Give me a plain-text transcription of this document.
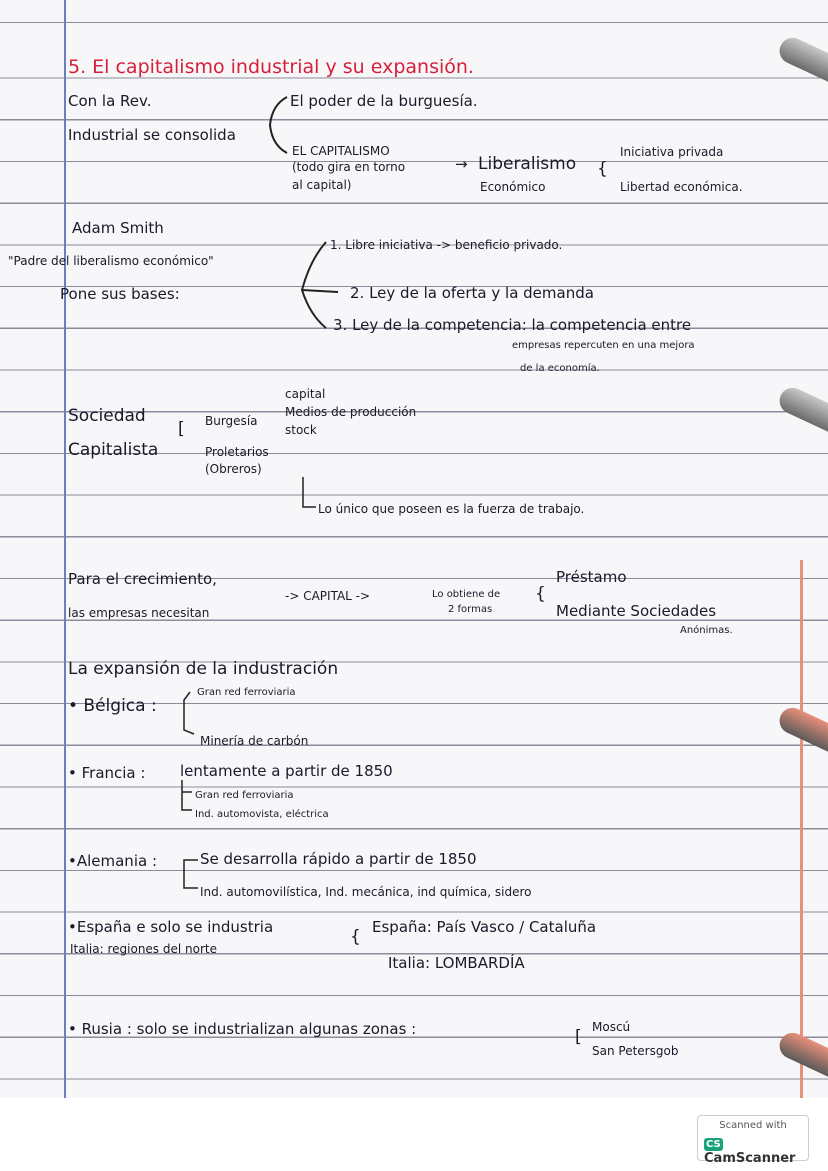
5. El capitalismo industrial y su expansión.
Con la Rev.
Industrial se consolida
El poder de la burguesía.
EL CAPITALISMO
(todo gira en torno
al capital)
→ Liberalismo
Económico
{
Iniciativa privada
Libertad económica.
Adam Smith
"Padre del liberalismo económico"
Pone sus bases:
1. Libre iniciativa -> beneficio privado.
2. Ley de la oferta y la demanda
3. Ley de la competencia: la competencia entre
empresas repercuten en una mejora
de la economía.
Sociedad
Capitalista
[ Burgesía
capital
Medios de producción
stock
Proletarios
(Obreros)
Lo único que poseen es la fuerza de trabajo.
Para el crecimiento,
las empresas necesitan
-> CAPITAL ->	Lo obtiene de
2 formas
{
Préstamo
Mediante Sociedades
Anónimas.
La expansión de la industración
• Bélgica :
Gran red ferroviaria
Minería de carbón
• Francia : lentamente a partir de 1850
Gran red ferroviaria
Ind. automovista, eléctrica
•Alemania :	Se desarrolla rápido a partir de 1850
Ind. automovilística, Ind. mecánica, ind química, sidero
•España e solo se industria
Italia: regiones del norte
{ España: País Vasco / Cataluña
Italia: LOMBARDÍA
• Rusia : solo se industrializan algunas zonas :	[ Moscú
San Petersgob
Scanned with
CSCamScanner
